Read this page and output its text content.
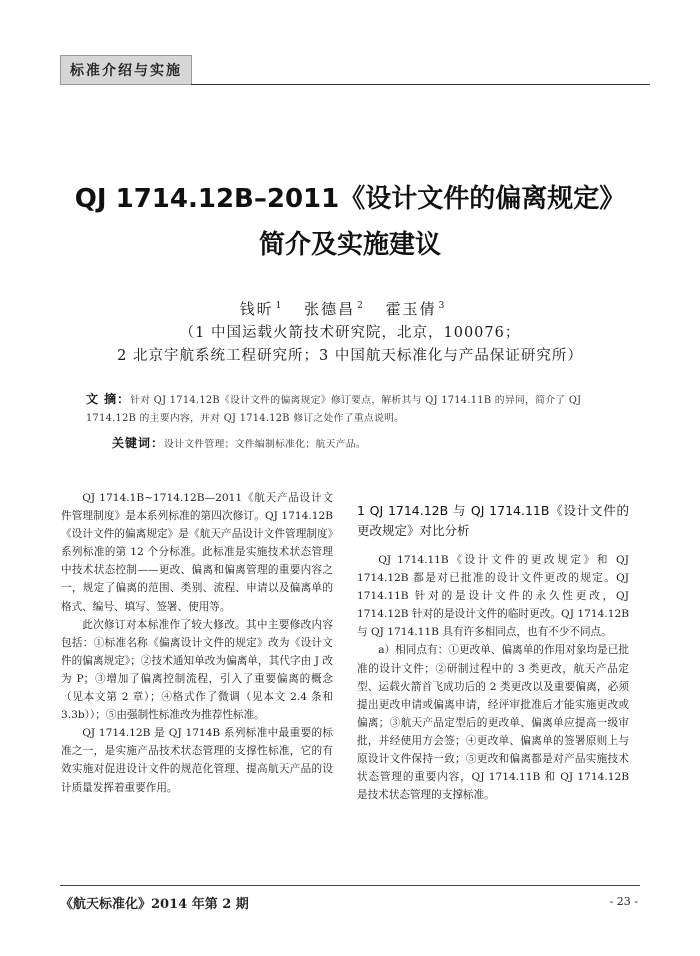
标准介绍与实施
QJ 1714.12B–2011《设计文件的偏离规定》
简介及实施建议
钱昕 $^1$ 张德昌 $^2$ 霍玉倩 $^3$
（1 中国运载火箭技术研究院，北京，100076；
2 北京宇航系统工程研究所；3 中国航天标准化与产品保证研究所）

文 摘：针对 QJ 1714.12B《设计文件的偏离规定》修订要点，解析其与 QJ 1714.11B 的异同，简介了 QJ 1714.12B 的主要内容，并对 QJ 1714.12B 修订之处作了重点说明。

关键词：设计文件管理；文件编制标准化；航天产品。

QJ 1714.1B~1714.12B—2011《航天产品设计文件管理制度》是本系列标准的第四次修订。QJ 1714.12B《设计文件的偏离规定》是《航天产品设计文件管理制度》系列标准的第 12 个分标准。此标准是实施技术状态管理中技术状态控制——更改、偏离和偏离管理的重要内容之一，规定了偏离的范围、类别、流程、申请以及偏离单的格式、编号、填写、签署、使用等。

此次修订对本标准作了较大修改。其中主要修改内容包括：①标准名称《偏离设计文件的规定》改为《设计文件的偏离规定》；②技术通知单改为偏离单，其代字由 J 改为 P；③增加了偏离控制流程，引入了重要偏离的概念（见本文第 2 章）；④格式作了微调（见本文 2.4 条和 3.3b））；⑤由强制性标准改为推荐性标准。

QJ 1714.12B 是 QJ 1714B 系列标准中最重要的标准之一，是实施产品技术状态管理的支撑性标准，它的有效实施对促进设计文件的规范化管理、提高航天产品的设计质量发挥着重要作用。

1 QJ 1714.12B 与 QJ 1714.11B《设计文件的更改规定》对比分析

QJ 1714.11B《设计文件的更改规定》和 QJ 1714.12B 都是对已批准的设计文件更改的规定。QJ 1714.11B 针对的是设计文件的永久性更改，QJ 1714.12B 针对的是设计文件的临时更改。QJ 1714.12B 与 QJ 1714.11B 具有许多相同点，也有不少不同点。

a）相同点有：①更改单、偏离单的作用对象均是已批准的设计文件；②研制过程中的 3 类更改，航天产品定型、运载火箭首飞成功后的 2 类更改以及重要偏离，必须提出更改申请或偏离申请，经评审批准后才能实施更改或偏离；③航天产品定型后的更改单、偏离单应提高一级审批，并经使用方会签；④更改单、偏离单的签署原则上与原设计文件保持一致；⑤更改和偏离都是对产品实施技术状态管理的重要内容，QJ 1714.11B 和 QJ 1714.12B 是技术状态管理的支撑标准。

《航天标准化》2014 年第 2 期	- 23 -
